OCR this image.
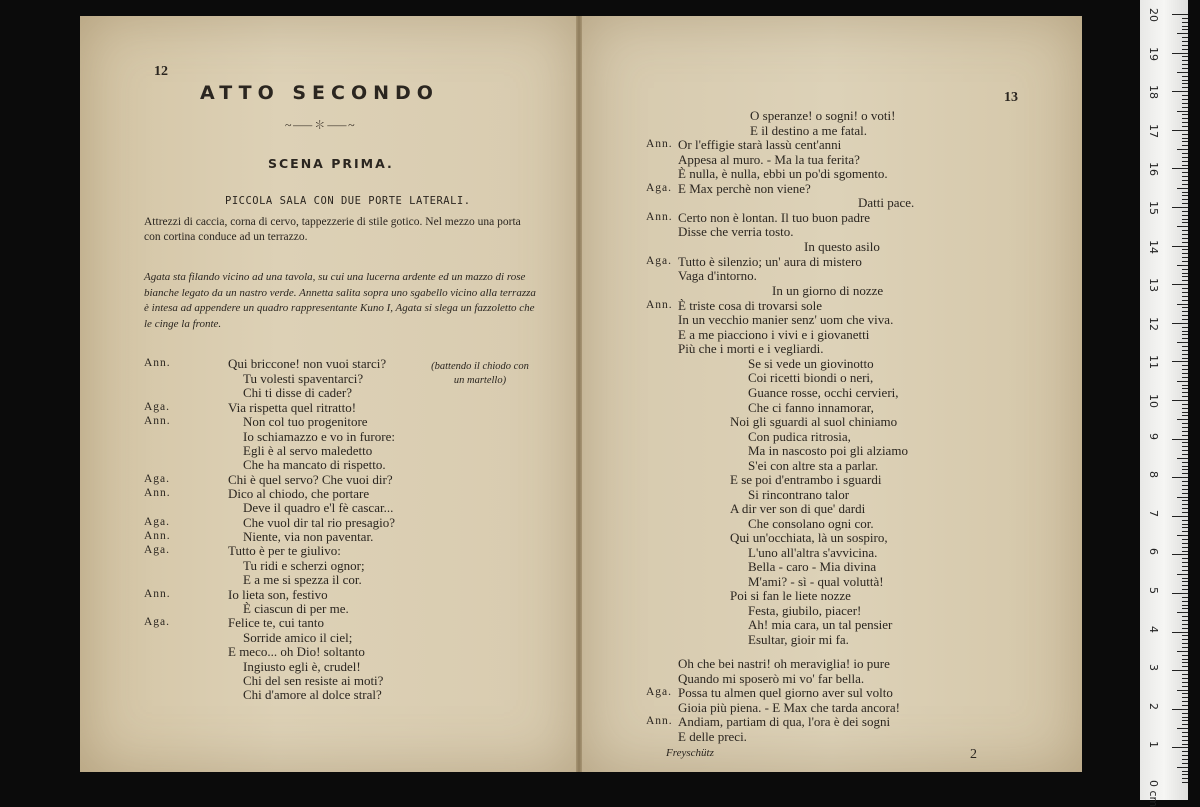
12
ATTO SECONDO
~⸺✽⸺~
SCENA PRIMA.
PICCOLA SALA CON DUE PORTE LATERALI.
Attrezzi di caccia, corna di cervo, tappezzerie di stile gotico. Nel mezzo una porta con cortina conduce ad un terrazzo.
Agata sta filando vicino ad una tavola, su cui una lucerna ardente ed un mazzo di rose bianche legato da un nastro verde. Annetta salita sopra uno sgabello vicino alla terrazza è intesa ad appendere un quadro rappresentante Kuno I, Agata si slega un fazzoletto che le cinge la fronte.
Ann.
Aga.
Ann.
Aga.
Ann.
Aga.
Ann.
Aga.
Ann.
Aga.
Qui briccone! non vuoi starci?
Tu volesti spaventarci?
Chi ti disse di cader?
Via rispetta quel ritratto!
Non col tuo progenitore
Io schiamazzo e vo in furore:
Egli è al servo maledetto
Che ha mancato di rispetto.
Chi è quel servo? Che vuoi dir?
Dico al chiodo, che portare
Deve il quadro e'l fè cascar...
Che vuol dir tal rio presagio?
Niente, via non paventar.
Tutto è per te giulivo:
Tu ridi e scherzi ognor;
E a me si spezza il cor.
Io lieta son, festivo
È ciascun di per me.
Felice te, cui tanto
Sorride amico il ciel;
E meco... oh Dio! soltanto
Ingiusto egli è, crudel!
Chi del sen resiste ai moti?
Chi d'amore al dolce stral?
(battendo il chiodo con un martello)
13
Ann.
Aga.
Ann.
Aga.
Ann.
Aga.
Ann.
O speranze! o sogni! o voti!
E il destino a me fatal.
Or l'effigie starà lassù cent'anni
Appesa al muro. - Ma la tua ferita?
È nulla, è nulla, ebbi un po'di sgomento.
E Max perchè non viene?
Datti pace.
Certo non è lontan. Il tuo buon padre
Disse che verria tosto.
In questo asilo
Tutto è silenzio; un' aura di mistero
Vaga d'intorno.
In un giorno di nozze
È triste cosa di trovarsi sole
In un vecchio manier senz' uom che viva.
E a me piacciono i vivi e i giovanetti
Più che i morti e i vegliardi.
Se si vede un giovinotto
Coi ricetti biondi o neri,
Guance rosse, occhi cervieri,
Che ci fanno innamorar,
Noi gli sguardi al suol chiniamo
Con pudica ritrosia,
Ma in nascosto poi gli alziamo
S'ei con altre sta a parlar.
E se poi d'entrambo i sguardi
Si rincontrano talor
A dir ver son di que' dardi
Che consolano ogni cor.
Qui un'occhiata, là un sospiro,
L'uno all'altra s'avvicina.
Bella - caro - Mia divina
M'ami? - sì - qual voluttà!
Poi si fan le liete nozze
Festa, giubilo, piacer!
Ah! mia cara, un tal pensier
Esultar, gioir mi fa.
Oh che bei nastri! oh meraviglia! io pure
Quando mi sposerò mi vo' far bella.
Possa tu almen quel giorno aver sul volto
Gioia più piena. - E Max che tarda ancora!
Andiam, partiam di qua, l'ora è dei sogni
E delle preci.
Freyschütz	2
20
19
18
17
16
15
14
13
12
11
10
9
8
7
6
5
4
3
2
1
0 cm
